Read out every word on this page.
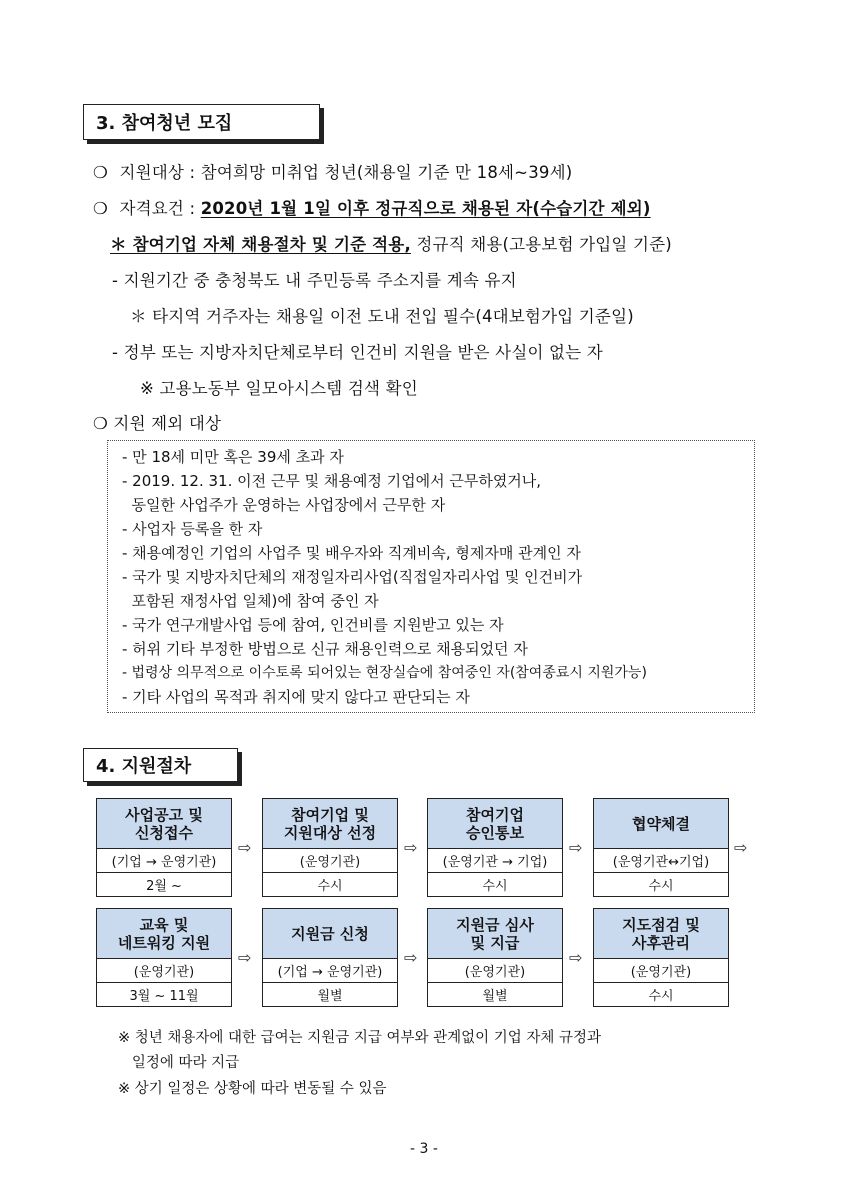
3. 참여청년 모집
❍ 지원대상 : 참여희망 미취업 청년(채용일 기준 만 18세~39세)
❍ 자격요건 : 2020년 1월 1일 이후 정규직으로 채용된 자(수습기간 제외)
＊ 참여기업 자체 채용절차 및 기준 적용, 정규직 채용(고용보험 가입일 기준)
- 지원기간 중 충청북도 내 주민등록 주소지를 계속 유지
＊ 타지역 거주자는 채용일 이전 도내 전입 필수(4대보험가입 기준일)
- 정부 또는 지방자치단체로부터 인건비 지원을 받은 사실이 없는 자
※ 고용노동부 일모아시스템 검색 확인
❍ 지원 제외 대상
- 만 18세 미만 혹은 39세 초과 자
- 2019. 12. 31. 이전 근무 및 채용예정 기업에서 근무하였거나,
동일한 사업주가 운영하는 사업장에서 근무한 자
- 사업자 등록을 한 자
- 채용예정인 기업의 사업주 및 배우자와 직계비속, 형제자매 관계인 자
- 국가 및 지방자치단체의 재정일자리사업(직접일자리사업 및 인건비가
포함된 재정사업 일체)에 참여 중인 자
- 국가 연구개발사업 등에 참여, 인건비를 지원받고 있는 자
- 허위 기타 부정한 방법으로 신규 채용인력으로 채용되었던 자
- 법령상 의무적으로 이수토록 되어있는 현장실습에 참여중인 자(참여종료시 지원가능)
- 기타 사업의 목적과 취지에 맞지 않다고 판단되는 자
4. 지원절차
사업공고 및
신청접수
(기업 → 운영기관)
2월 ~
⇨
참여기업 및
지원대상 선정
(운영기관)
수시
⇨
참여기업
승인통보
(운영기관 → 기업)
수시
⇨
협약체결
(운영기관↔기업)
수시
⇨
교육 및
네트워킹 지원
(운영기관)
3월 ~ 11월
⇨
지원금 신청
(기업 → 운영기관)
월별
⇨
지원금 심사
및 지급
(운영기관)
월별
⇨
지도점검 및
사후관리
(운영기관)
수시
※ 청년 채용자에 대한 급여는 지원금 지급 여부와 관계없이 기업 자체 규정과
일정에 따라 지급
※ 상기 일정은 상황에 따라 변동될 수 있음
- 3 -
